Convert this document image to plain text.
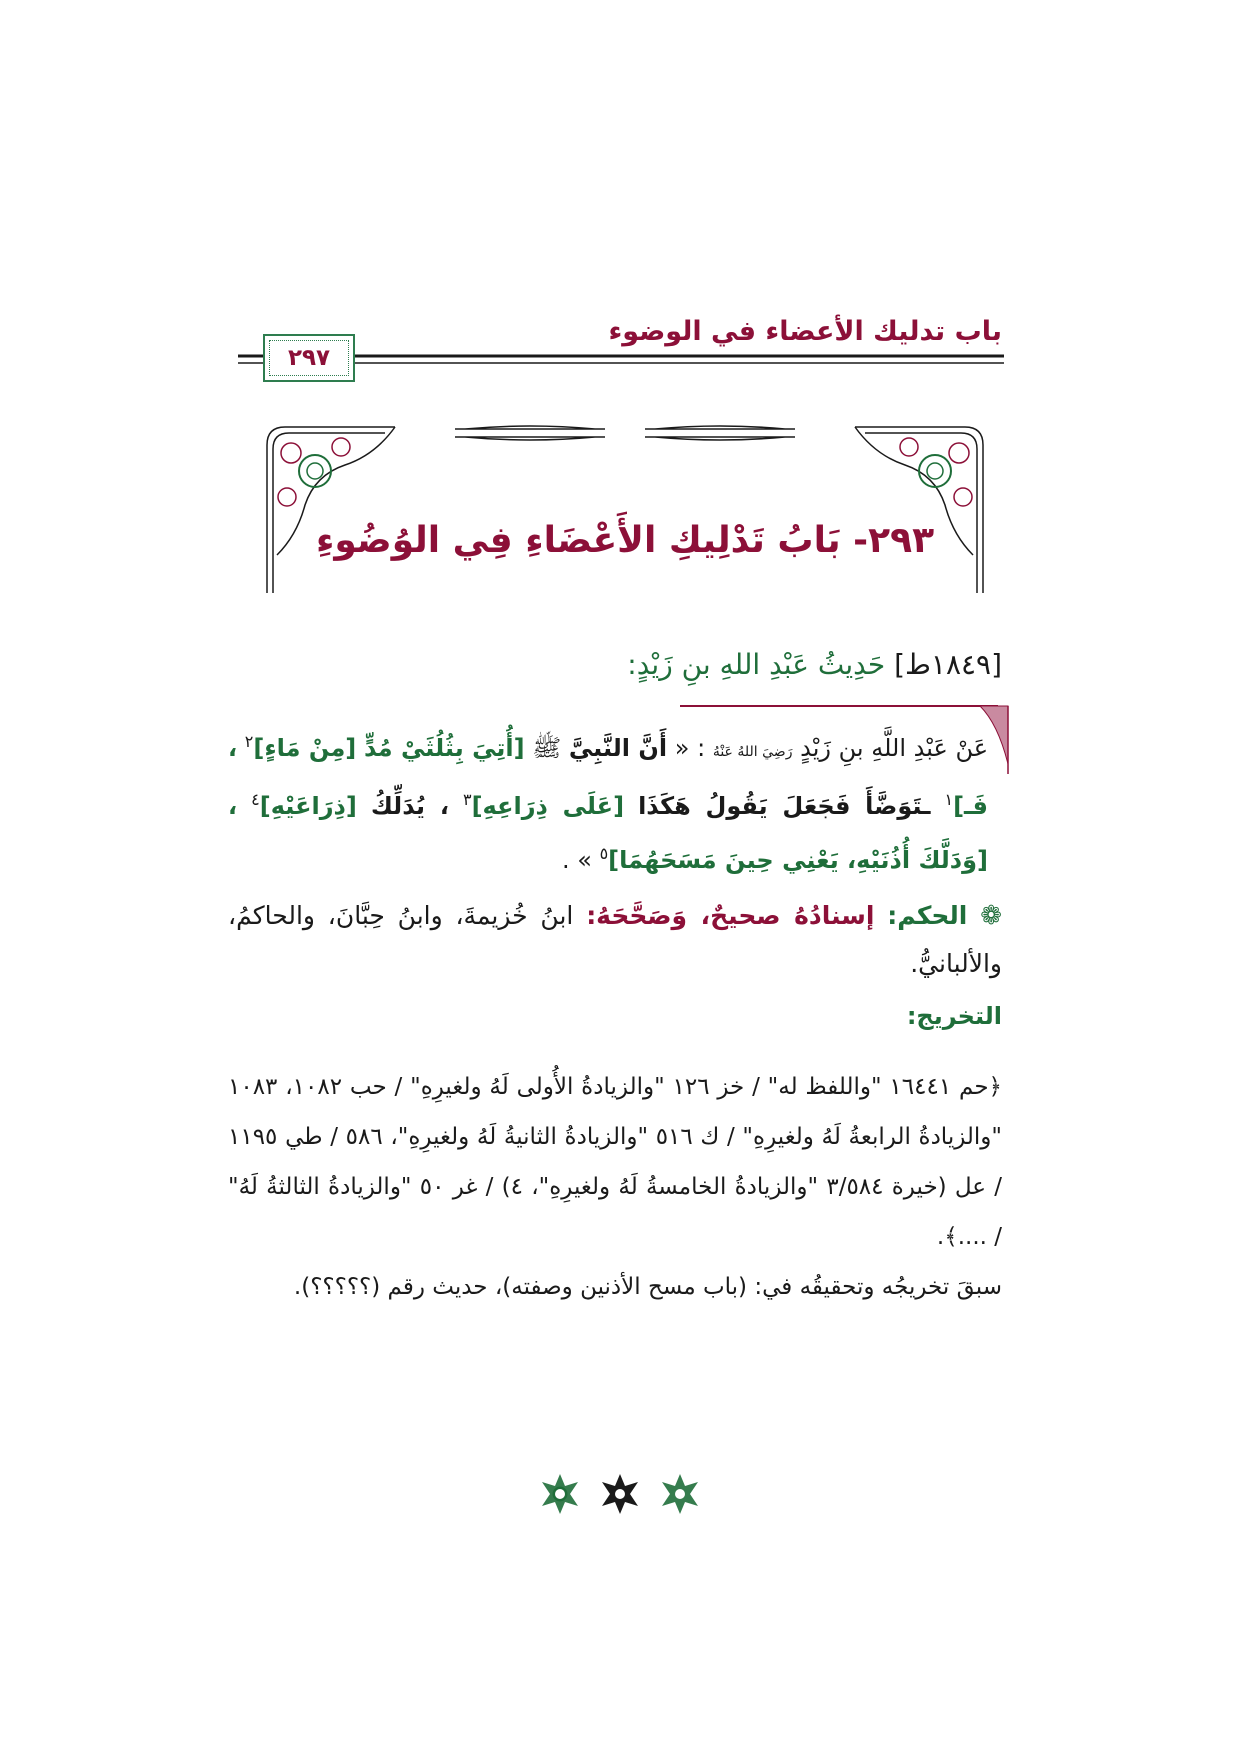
باب تدليك الأعضاء في الوضوء
٢٩٧
٢٩٣- بَابُ تَدْلِيكِ الأَعْضَاءِ فِي الوُضُوءِ
[١٨٤٩ط] حَدِيثُ عَبْدِ اللهِ بنِ زَيْدٍ:
عَنْ عَبْدِ اللَّهِ بنِ زَيْدٍ رَضِيَ اللهُ عَنْهُ : « أَنَّ النَّبِيَّ ﷺ [أُتِيَ بِثُلُثَيْ مُدٍّ [مِنْ مَاءٍ]$^٢$ ، فَـ]$^١$ ـتَوَضَّأَ فَجَعَلَ يَقُولُ هَكَذَا [عَلَى ذِرَاعِهِ]$^٣$ ، يُدَلِّكُ [ذِرَاعَيْهِ]$^٤$ ، [وَدَلَّكَ أُذُنَيْهِ، يَعْنِي حِينَ مَسَحَهُمَا]$^٥$ » .
❁ الحكم: إسنادُهُ صحيحٌ، وَصَحَّحَهُ: ابنُ خُزيمةَ، وابنُ حِبَّانَ، والحاكمُ، والألبانيُّ.
التخريج:
﴿حم ١٦٤٤١ "واللفظ له" / خز ١٢٦ "والزيادةُ الأُولى لَهُ ولغيرِهِ" / حب ١٠٨٢، ١٠٨٣ "والزيادةُ الرابعةُ لَهُ ولغيرِهِ" / ك ٥١٦ "والزيادةُ الثانيةُ لَهُ ولغيرِهِ"، ٥٨٦ / طي ١١٩٥ / عل (خيرة ٣/٥٨٤ "والزيادةُ الخامسةُ لَهُ ولغيرِهِ"، ٤) / غر ٥٠ "والزيادةُ الثالثةُ لَهُ" / ....﴾.
سبقَ تخريجُه وتحقيقُه في: (باب مسح الأذنين وصفته)، حديث رقم (؟؟؟؟؟).
